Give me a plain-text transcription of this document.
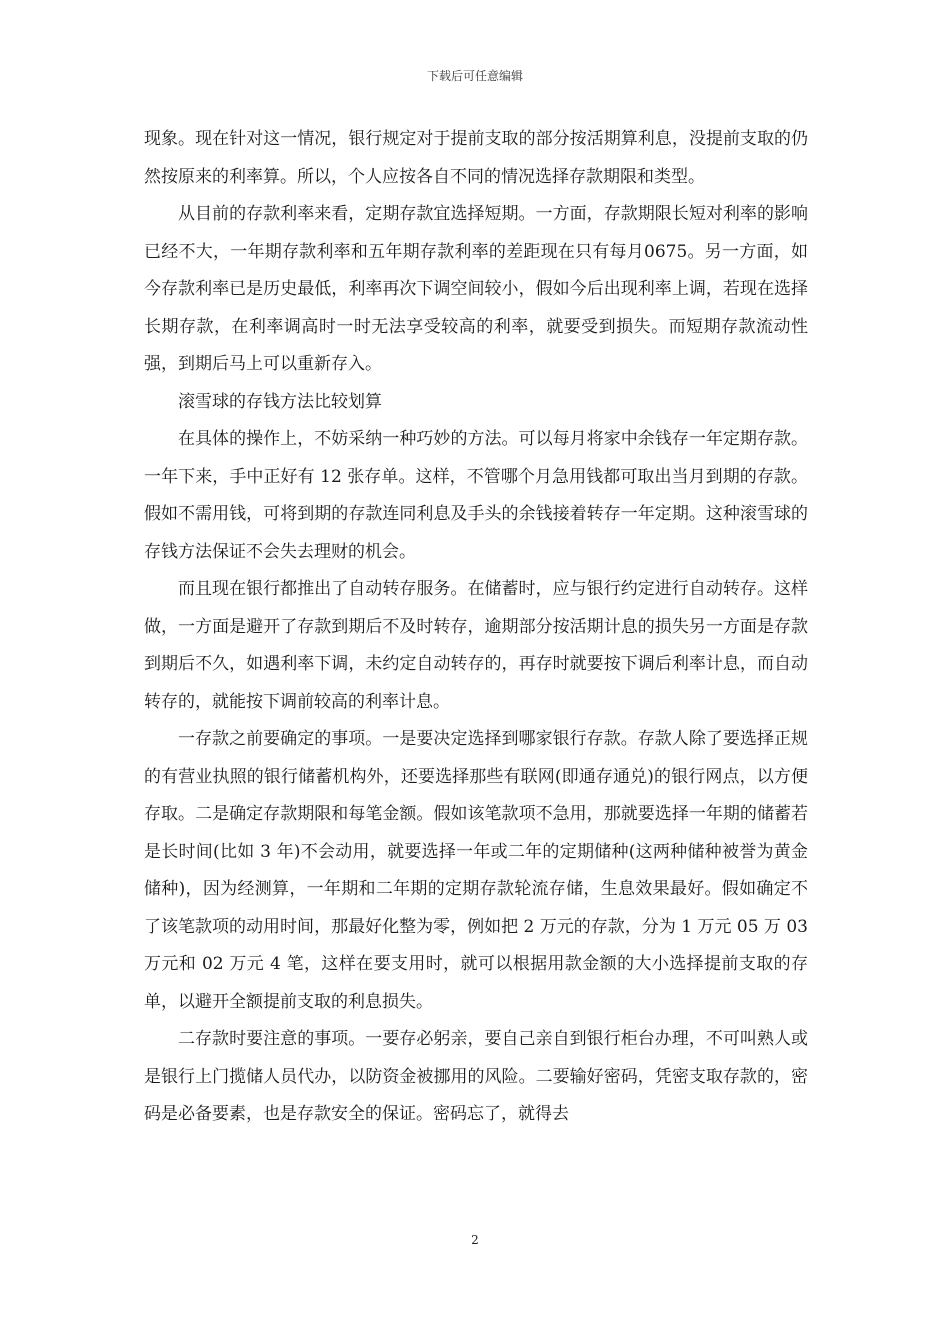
下载后可任意编辑

现象。现在针对这一情况，银行规定对于提前支取的部分按活期算利息，没提前支取的仍然按原来的利率算。所以，个人应按各自不同的情况选择存款期限和类型。

从目前的存款利率来看，定期存款宜选择短期。一方面，存款期限长短对利率的影响已经不大，一年期存款利率和五年期存款利率的差距现在只有每月0675。另一方面，如今存款利率已是历史最低，利率再次下调空间较小，假如今后出现利率上调，若现在选择长期存款，在利率调高时一时无法享受较高的利率，就要受到损失。而短期存款流动性强，到期后马上可以重新存入。

滚雪球的存钱方法比较划算

在具体的操作上，不妨采纳一种巧妙的方法。可以每月将家中余钱存一年定期存款。一年下来，手中正好有 12 张存单。这样，不管哪个月急用钱都可取出当月到期的存款。假如不需用钱，可将到期的存款连同利息及手头的余钱接着转存一年定期。这种滚雪球的存钱方法保证不会失去理财的机会。

而且现在银行都推出了自动转存服务。在储蓄时，应与银行约定进行自动转存。这样做，一方面是避开了存款到期后不及时转存，逾期部分按活期计息的损失另一方面是存款到期后不久，如遇利率下调，未约定自动转存的，再存时就要按下调后利率计息，而自动转存的，就能按下调前较高的利率计息。

一存款之前要确定的事项。一是要决定选择到哪家银行存款。存款人除了要选择正规的有营业执照的银行储蓄机构外，还要选择那些有联网(即通存通兑)的银行网点，以方便存取。二是确定存款期限和每笔金额。假如该笔款项不急用，那就要选择一年期的储蓄若是长时间(比如 3 年)不会动用，就要选择一年或二年的定期储种(这两种储种被誉为黄金储种)，因为经测算，一年期和二年期的定期存款轮流存储，生息效果最好。假如确定不了该笔款项的动用时间，那最好化整为零，例如把 2 万元的存款，分为 1 万元 05 万 03 万元和 02 万元 4 笔，这样在要支用时，就可以根据用款金额的大小选择提前支取的存单，以避开全额提前支取的利息损失。

二存款时要注意的事项。一要存必躬亲，要自己亲自到银行柜台办理，不可叫熟人或是银行上门揽储人员代办，以防资金被挪用的风险。二要输好密码，凭密支取存款的，密码是必备要素，也是存款安全的保证。密码忘了，就得去

2
